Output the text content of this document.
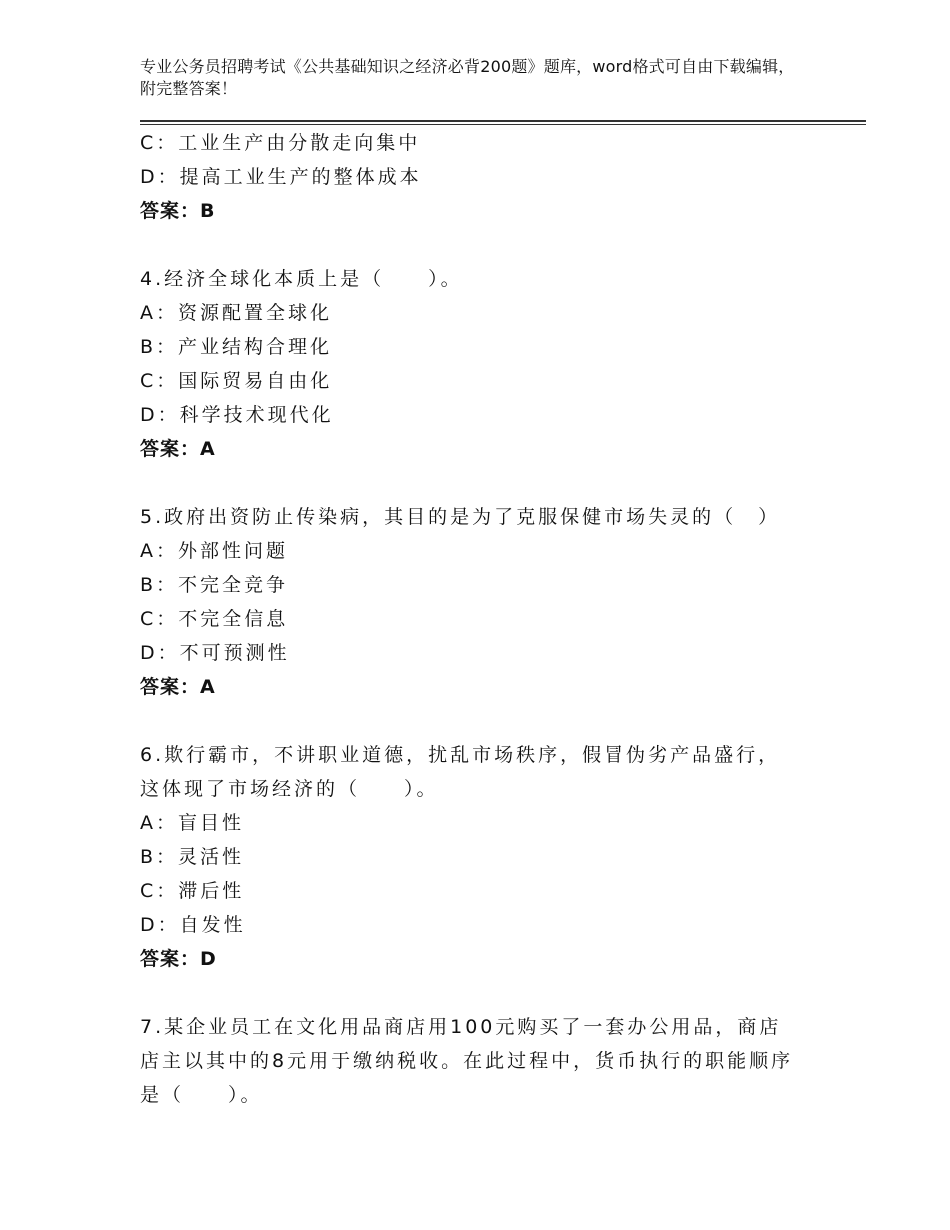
专业公务员招聘考试《公共基础知识之经济必背200题》题库，word格式可自由下载编辑，附完整答案！
C：工业生产由分散走向集中
D：提高工业生产的整体成本
答案：B
4.经济全球化本质上是（　　）。
A：资源配置全球化
B：产业结构合理化
C：国际贸易自由化
D：科学技术现代化
答案：A
5.政府出资防止传染病，其目的是为了克服保健市场失灵的（　）
A：外部性问题
B：不完全竞争
C：不完全信息
D：不可预测性
答案：A
6.欺行霸市，不讲职业道德，扰乱市场秩序，假冒伪劣产品盛行，这体现了市场经济的（　　）。
A：盲目性
B：灵活性
C：滞后性
D：自发性
答案：D
7.某企业员工在文化用品商店用100元购买了一套办公用品，商店店主以其中的8元用于缴纳税收。在此过程中，货币执行的职能顺序是（　　）。
